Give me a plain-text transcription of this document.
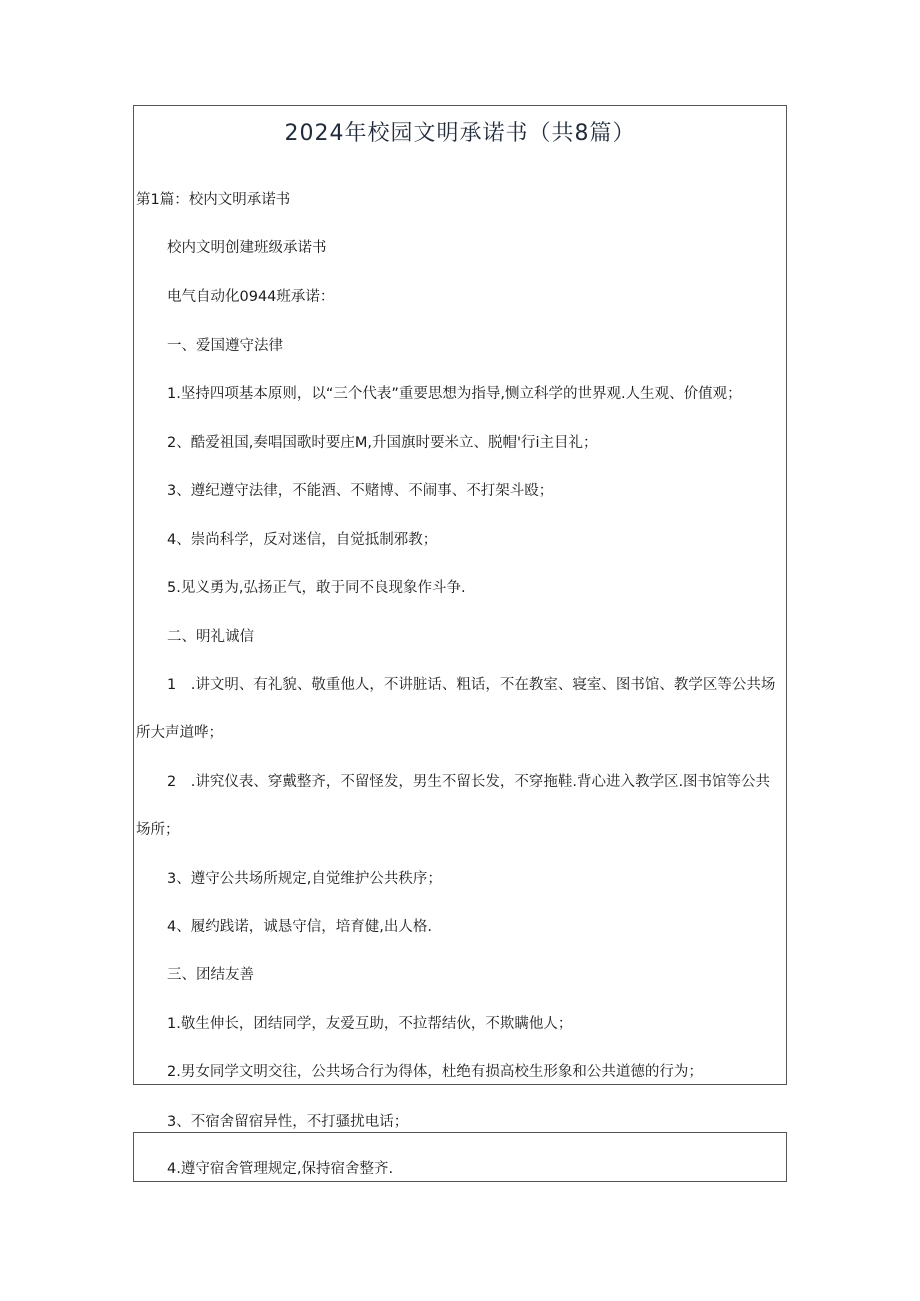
2024年校园文明承诺书（共8篇）
第1篇：校内文明承诺书
校内文明创建班级承诺书
电气自动化0944班承诺：
一、爱国遵守法律
1.坚持四项基本原则，以“三个代表”重要思想为指导,恻立科学的世界观.人生观、价值观；
2、酷爱祖国,奏唱国歌时要庄M,升国旗时要米立、脱帽'行i主目礼；
3、遵纪遵守法律，不能酒、不赌博、不闹事、不打架斗殴；
4、崇尚科学，反对迷信，自觉抵制邪教；
5.见义勇为,弘扬正气，敢于同不良现象作斗争.
二、明礼诚信
1　.讲文明、有礼貌、敬重他人，不讲脏话、粗话，不在教室、寝室、图书馆、教学区等公共场
所大声道哗；
2　.讲究仪表、穿戴整齐，不留怪发，男生不留长发，不穿拖鞋.背心进入教学区.图书馆等公共
场所；
3、遵守公共场所规定,自觉维护公共秩序；
4、履约践诺，诚恳守信，培育健,出人格.
三、团结友善
1.敬生伸长，团结同学，友爱互助，不拉帮结伙，不欺瞒他人；
2.男女同学文明交往，公共场合行为得体，杜绝有损高校生形象和公共道德的行为；
3、不宿舍留宿异性，不打骚扰电话；
4.遵守宿舍管理规定,保持宿舍整齐.
